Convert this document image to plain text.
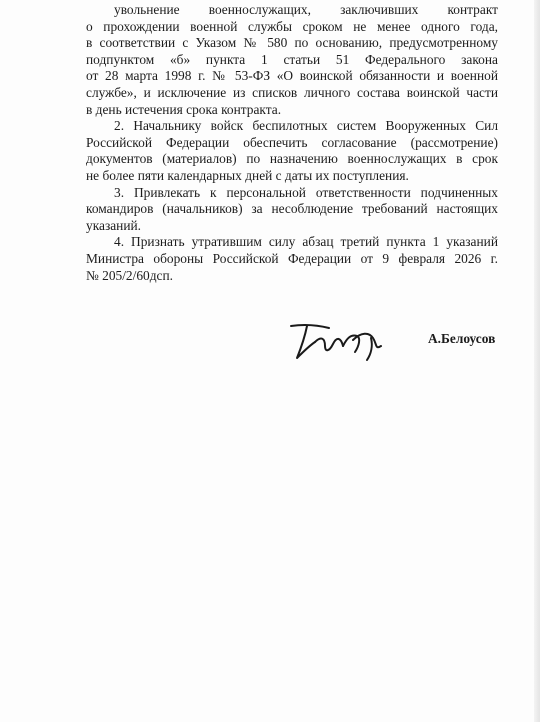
увольнение военнослужащих, заключивших контракт
о прохождении военной службы сроком не менее одного года,
в соответствии с Указом № 580 по основанию, предусмотренному
подпунктом «б» пункта 1 статьи 51 Федерального закона
от 28 марта 1998 г. № 53-ФЗ «О воинской обязанности и военной
службе», и исключение из списков личного состава воинской части
в день истечения срока контракта.
2. Начальнику войск беспилотных систем Вооруженных Сил
Российской Федерации обеспечить согласование (рассмотрение)
документов (материалов) по назначению военнослужащих в срок
не более пяти календарных дней с даты их поступления.
3. Привлекать к персональной ответственности подчиненных
командиров (начальников) за несоблюдение требований настоящих
указаний.
4. Признать утратившим силу абзац третий пункта 1 указаний
Министра обороны Российской Федерации от 9 февраля 2026 г.
№ 205/2/60дсп.
А.Белоусов
